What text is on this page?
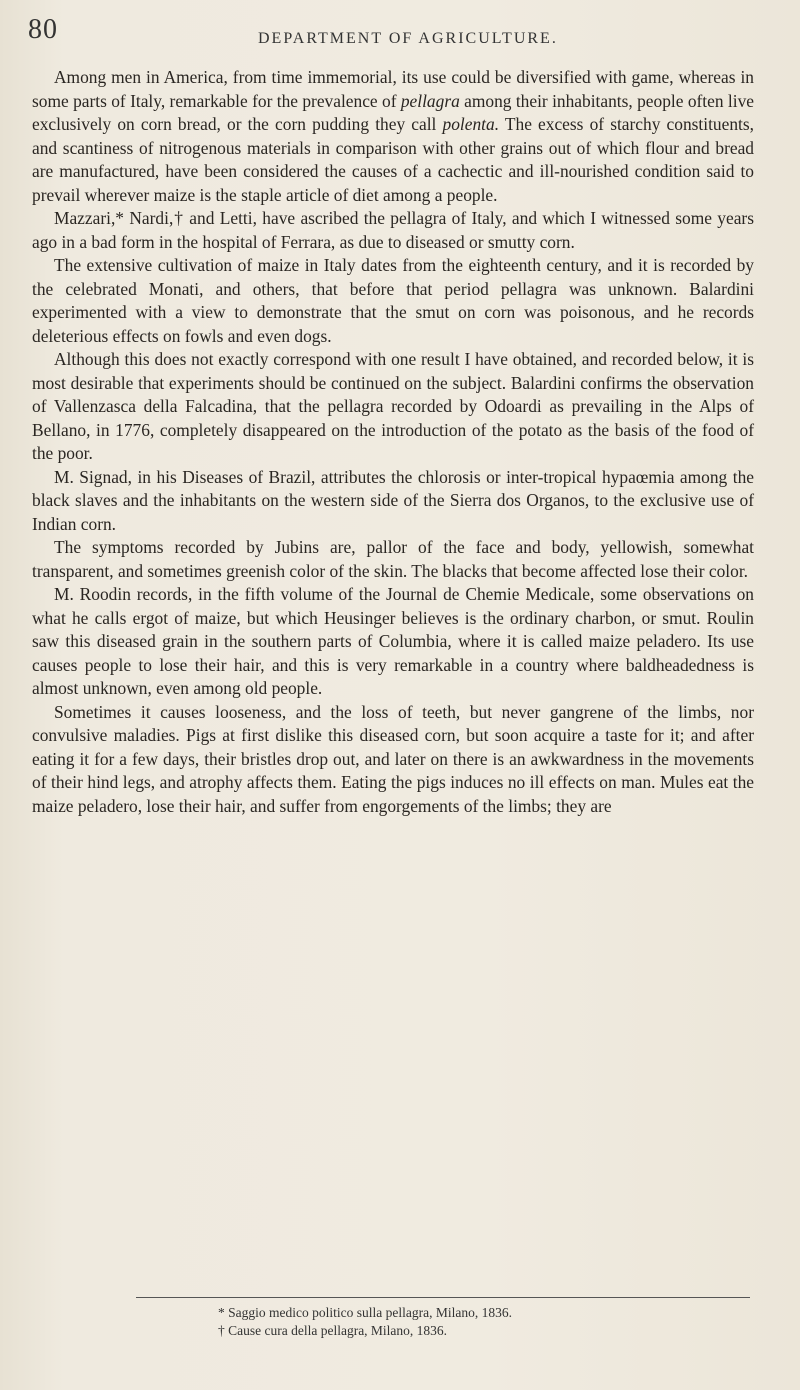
80	DEPARTMENT OF AGRICULTURE.

Among men in America, from time immemorial, its use could be diversified with game, whereas in some parts of Italy, remarkable for the prevalence of pellagra among their inhabitants, people often live exclusively on corn bread, or the corn pudding they call polenta. The excess of starchy constituents, and scantiness of nitrogenous materials in comparison with other grains out of which flour and bread are manufactured, have been considered the causes of a cachectic and ill-nourished condition said to prevail wherever maize is the staple article of diet among a people.

Mazzari,* Nardi,† and Letti, have ascribed the pellagra of Italy, and which I witnessed some years ago in a bad form in the hospital of Ferrara, as due to diseased or smutty corn.

The extensive cultivation of maize in Italy dates from the eighteenth century, and it is recorded by the celebrated Monati, and others, that before that period pellagra was unknown. Balardini experimented with a view to demonstrate that the smut on corn was poisonous, and he records deleterious effects on fowls and even dogs.

Although this does not exactly correspond with one result I have obtained, and recorded below, it is most desirable that experiments should be continued on the subject. Balardini confirms the observation of Vallenzasca della Falcadina, that the pellagra recorded by Odoardi as prevailing in the Alps of Bellano, in 1776, completely disappeared on the introduction of the potato as the basis of the food of the poor.

M. Signad, in his Diseases of Brazil, attributes the chlorosis or inter-tropical hypaœmia among the black slaves and the inhabitants on the western side of the Sierra dos Organos, to the exclusive use of Indian corn.

The symptoms recorded by Jubins are, pallor of the face and body, yellowish, somewhat transparent, and sometimes greenish color of the skin. The blacks that become affected lose their color.

M. Roodin records, in the fifth volume of the Journal de Chemie Medicale, some observations on what he calls ergot of maize, but which Heusinger believes is the ordinary charbon, or smut. Roulin saw this diseased grain in the southern parts of Columbia, where it is called maize peladero. Its use causes people to lose their hair, and this is very remarkable in a country where baldheadedness is almost unknown, even among old people.

Sometimes it causes looseness, and the loss of teeth, but never gangrene of the limbs, nor convulsive maladies. Pigs at first dislike this diseased corn, but soon acquire a taste for it; and after eating it for a few days, their bristles drop out, and later on there is an awkwardness in the movements of their hind legs, and atrophy affects them. Eating the pigs induces no ill effects on man. Mules eat the maize peladero, lose their hair, and suffer from engorgements of the limbs; they are

* Saggio medico politico sulla pellagra, Milano, 1836.
† Cause cura della pellagra, Milano, 1836.
